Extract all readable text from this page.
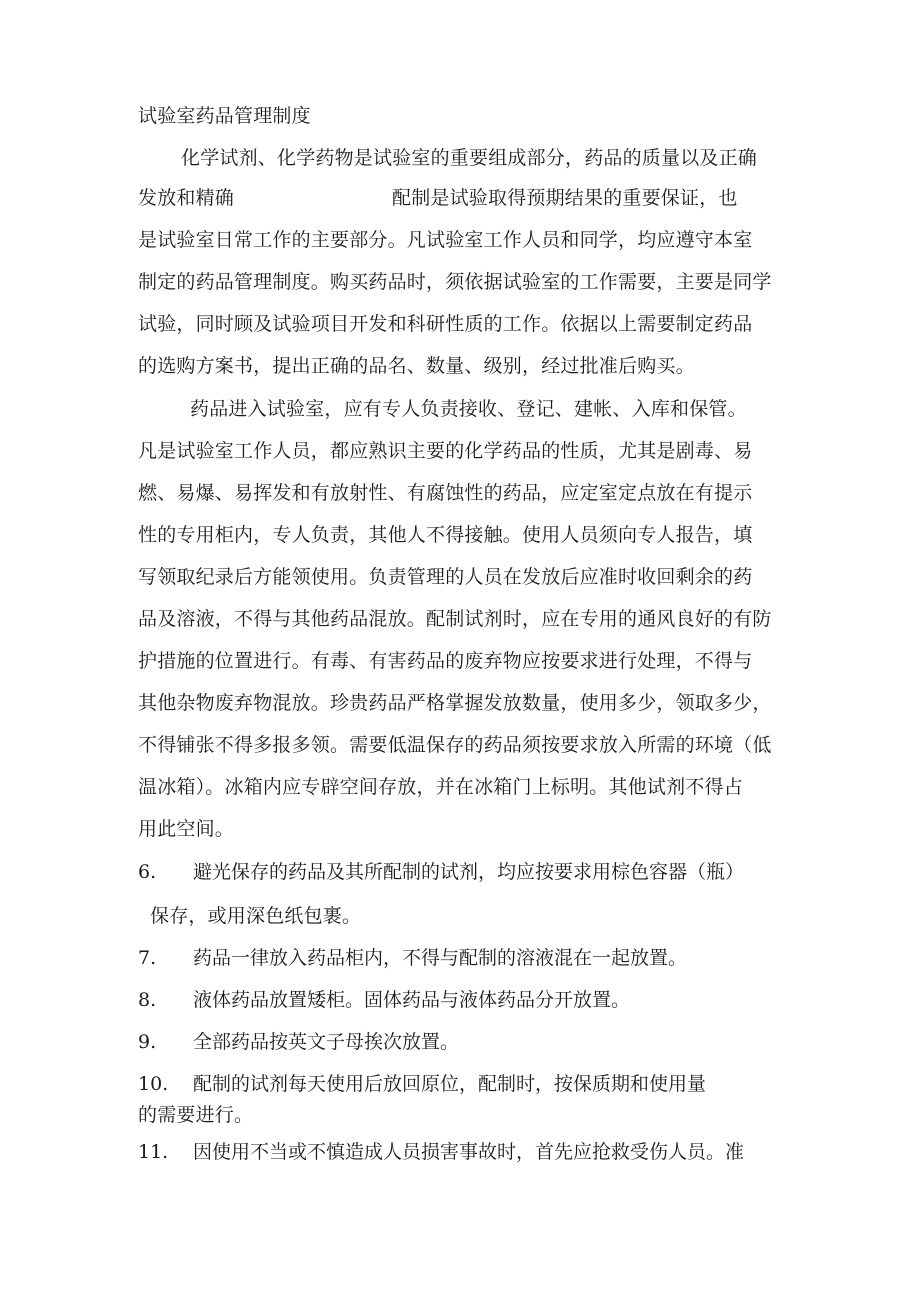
试验室药品管理制度
化学试剂、化学药物是试验室的重要组成部分，药品的质量以及正确
发放和精确	配制是试验取得预期结果的重要保证，也
是试验室日常工作的主要部分。凡试验室工作人员和同学，均应遵守本室
制定的药品管理制度。购买药品时，须依据试验室的工作需要，主要是同学
试验，同时顾及试验项目开发和科研性质的工作。依据以上需要制定药品
的选购方案书，提出正确的品名、数量、级别，经过批准后购买。
药品进入试验室，应有专人负责接收、登记、建帐、入库和保管。
凡是试验室工作人员，都应熟识主要的化学药品的性质，尤其是剧毒、易
燃、易爆、易挥发和有放射性、有腐蚀性的药品，应定室定点放在有提示
性的专用柜内，专人负责，其他人不得接触。使用人员须向专人报告，填
写领取纪录后方能领使用。负责管理的人员在发放后应准时收回剩余的药
品及溶液，不得与其他药品混放。配制试剂时，应在专用的通风良好的有防
护措施的位置进行。有毒、有害药品的废弃物应按要求进行处理，不得与
其他杂物废弃物混放。珍贵药品严格掌握发放数量，使用多少，领取多少，
不得铺张不得多报多领。需要低温保存的药品须按要求放入所需的环境（低
温冰箱）。冰箱内应专辟空间存放，并在冰箱门上标明。其他试剂不得占
用此空间。
6. 避光保存的药品及其所配制的试剂，均应按要求用棕色容器（瓶）
保存，或用深色纸包裹。
7. 药品一律放入药品柜内，不得与配制的溶液混在一起放置。
8. 液体药品放置矮柜。固体药品与液体药品分开放置。
9. 全部药品按英文子母挨次放置。
10. 配制的试剂每天使用后放回原位，配制时，按保质期和使用量
的需要进行。
11. 因使用不当或不慎造成人员损害事故时，首先应抢救受伤人员。准
